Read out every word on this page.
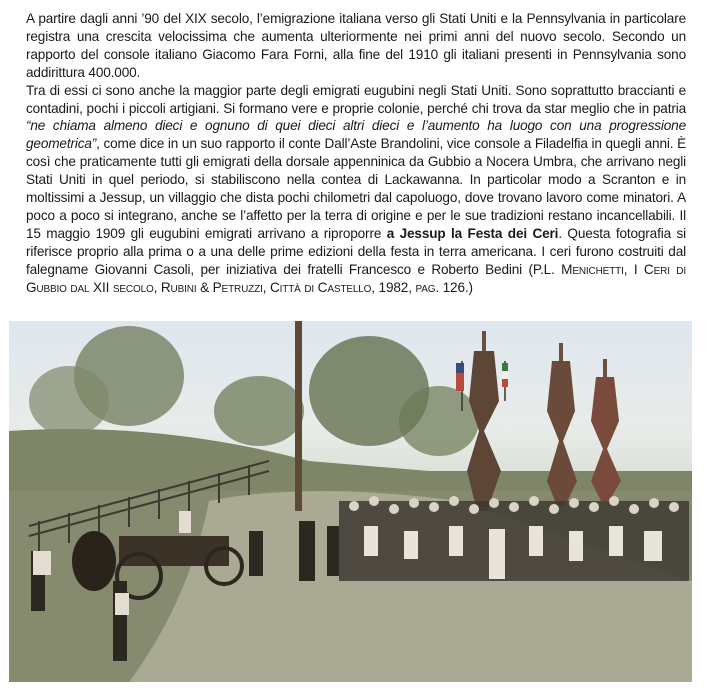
A partire dagli anni ’90 del XIX secolo, l’emigrazione italiana verso gli Stati Uniti e la Pennsylvania in particolare registra una crescita velocissima che aumenta ulteriormente nei primi anni del nuovo secolo. Secondo un rapporto del console italiano Giacomo Fara Forni, alla fine del 1910 gli italiani presenti in Pennsylvania sono addirittura 400.000.

Tra di essi ci sono anche la maggior parte degli emigrati eugubini negli Stati Uniti. Sono soprattutto braccianti e contadini, pochi i piccoli artigiani. Si formano vere e proprie colonie, perché chi trova da star meglio che in patria “ne chiama almeno dieci e ognuno di quei dieci altri dieci e l’aumento ha luogo con una progressione geometrica”, come dice in un suo rapporto il conte Dall’Aste Brandolini, vice console a Filadelfia in quegli anni. È così che praticamente tutti gli emigrati della dorsale appenninica da Gubbio a Nocera Umbra, che arrivano negli Stati Uniti in quel periodo, si stabiliscono nella contea di Lackawanna. In particolar modo a Scranton e in moltissimi a Jessup, un villaggio che dista pochi chilometri dal capoluogo, dove trovano lavoro come minatori. A poco a poco si integrano, anche se l’affetto per la terra di origine e per le sue tradizioni restano incancellabili. Il 15 maggio 1909 gli eugubini emigrati arrivano a riproporre a Jessup la Festa dei Ceri. Questa fotografia si riferisce proprio alla prima o a una delle prime edizioni della festa in terra americana. I ceri furono costruiti dal falegname Giovanni Casoli, per iniziativa dei fratelli Francesco e Roberto Bedini (P.L. Menichetti, I Ceri di Gubbio dal XII secolo, Rubini & Petruzzi, Città di Castello, 1982, pag. 126.)
